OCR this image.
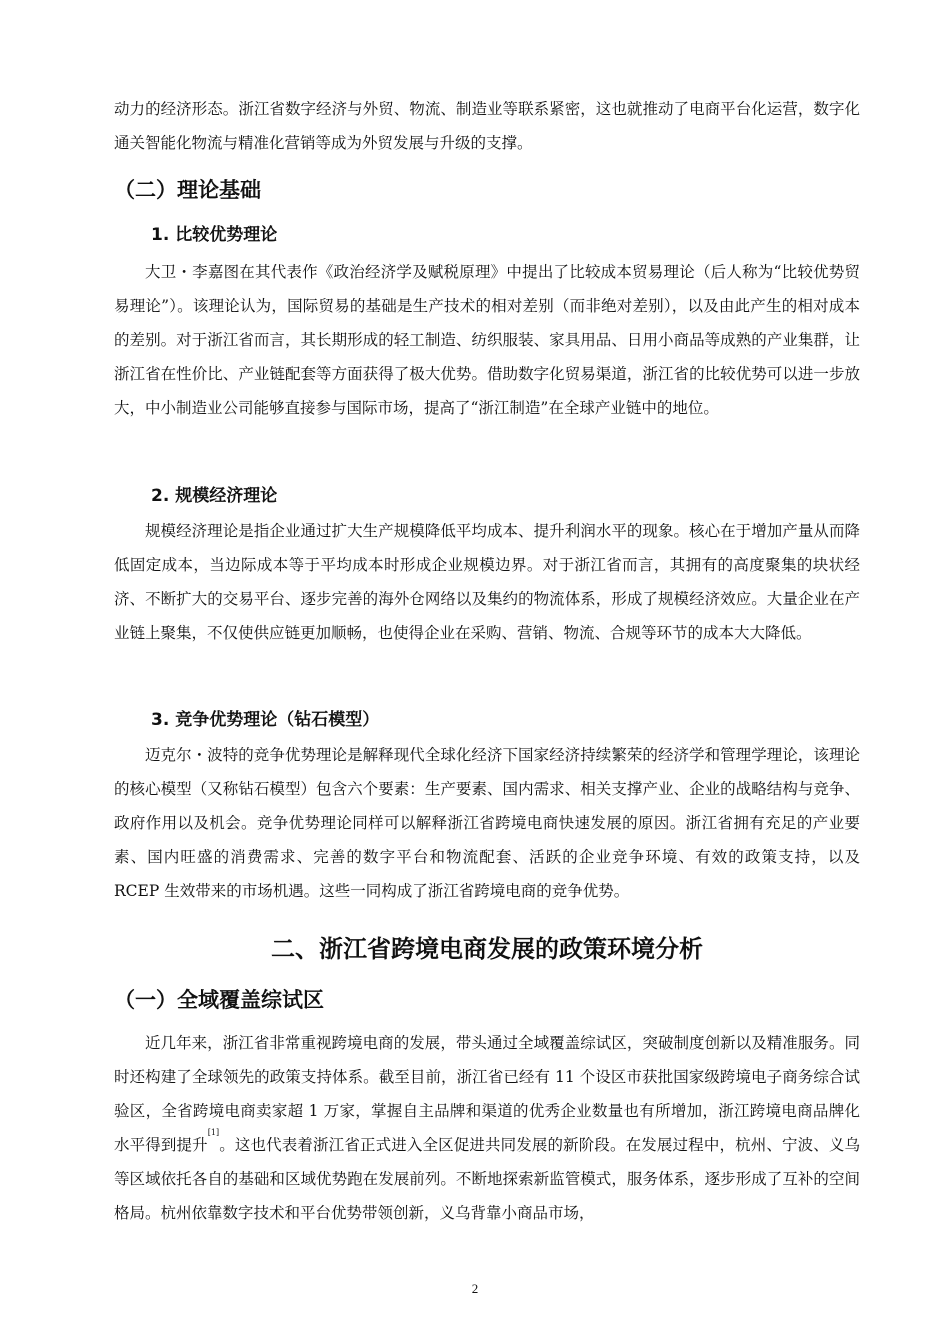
动力的经济形态。浙江省数字经济与外贸、物流、制造业等联系紧密，这也就推动了电商平台化运营，数字化通关智能化物流与精准化营销等成为外贸发展与升级的支撑。

（二）理论基础
1. 比较优势理论

大卫・李嘉图在其代表作《政治经济学及赋税原理》中提出了比较成本贸易理论（后人称为“比较优势贸易理论”）。该理论认为，国际贸易的基础是生产技术的相对差别（而非绝对差别），以及由此产生的相对成本的差别。对于浙江省而言，其长期形成的轻工制造、纺织服装、家具用品、日用小商品等成熟的产业集群，让浙江省在性价比、产业链配套等方面获得了极大优势。借助数字化贸易渠道，浙江省的比较优势可以进一步放大，中小制造业公司能够直接参与国际市场，提高了“浙江制造”在全球产业链中的地位。

2. 规模经济理论

规模经济理论是指企业通过扩大生产规模降低平均成本、提升利润水平的现象。核心在于增加产量从而降低固定成本，当边际成本等于平均成本时形成企业规模边界。对于浙江省而言，其拥有的高度聚集的块状经济、不断扩大的交易平台、逐步完善的海外仓网络以及集约的物流体系，形成了规模经济效应。大量企业在产业链上聚集，不仅使供应链更加顺畅，也使得企业在采购、营销、物流、合规等环节的成本大大降低。

3. 竞争优势理论（钻石模型）

迈克尔・波特的竞争优势理论是解释现代全球化经济下国家经济持续繁荣的经济学和管理学理论，该理论的核心模型（又称钻石模型）包含六个要素：生产要素、国内需求、相关支撑产业、企业的战略结构与竞争、政府作用以及机会。竞争优势理论同样可以解释浙江省跨境电商快速发展的原因。浙江省拥有充足的产业要素、国内旺盛的消费需求、完善的数字平台和物流配套、活跃的企业竞争环境、有效的政策支持，以及 RCEP 生效带来的市场机遇。这些一同构成了浙江省跨境电商的竞争优势。

二、浙江省跨境电商发展的政策环境分析
（一）全域覆盖综试区

近几年来，浙江省非常重视跨境电商的发展，带头通过全域覆盖综试区，突破制度创新以及精准服务。同时还构建了全球领先的政策支持体系。截至目前，浙江省已经有 11 个设区市获批国家级跨境电子商务综合试验区，全省跨境电商卖家超 1 万家，掌握自主品牌和渠道的优秀企业数量也有所增加，浙江跨境电商品牌化水平得到提升[1]。这也代表着浙江省正式进入全区促进共同发展的新阶段。在发展过程中，杭州、宁波、义乌等区域依托各自的基础和区域优势跑在发展前列。不断地探索新监管模式，服务体系，逐步形成了互补的空间格局。杭州依靠数字技术和平台优势带领创新，义乌背靠小商品市场，

2
